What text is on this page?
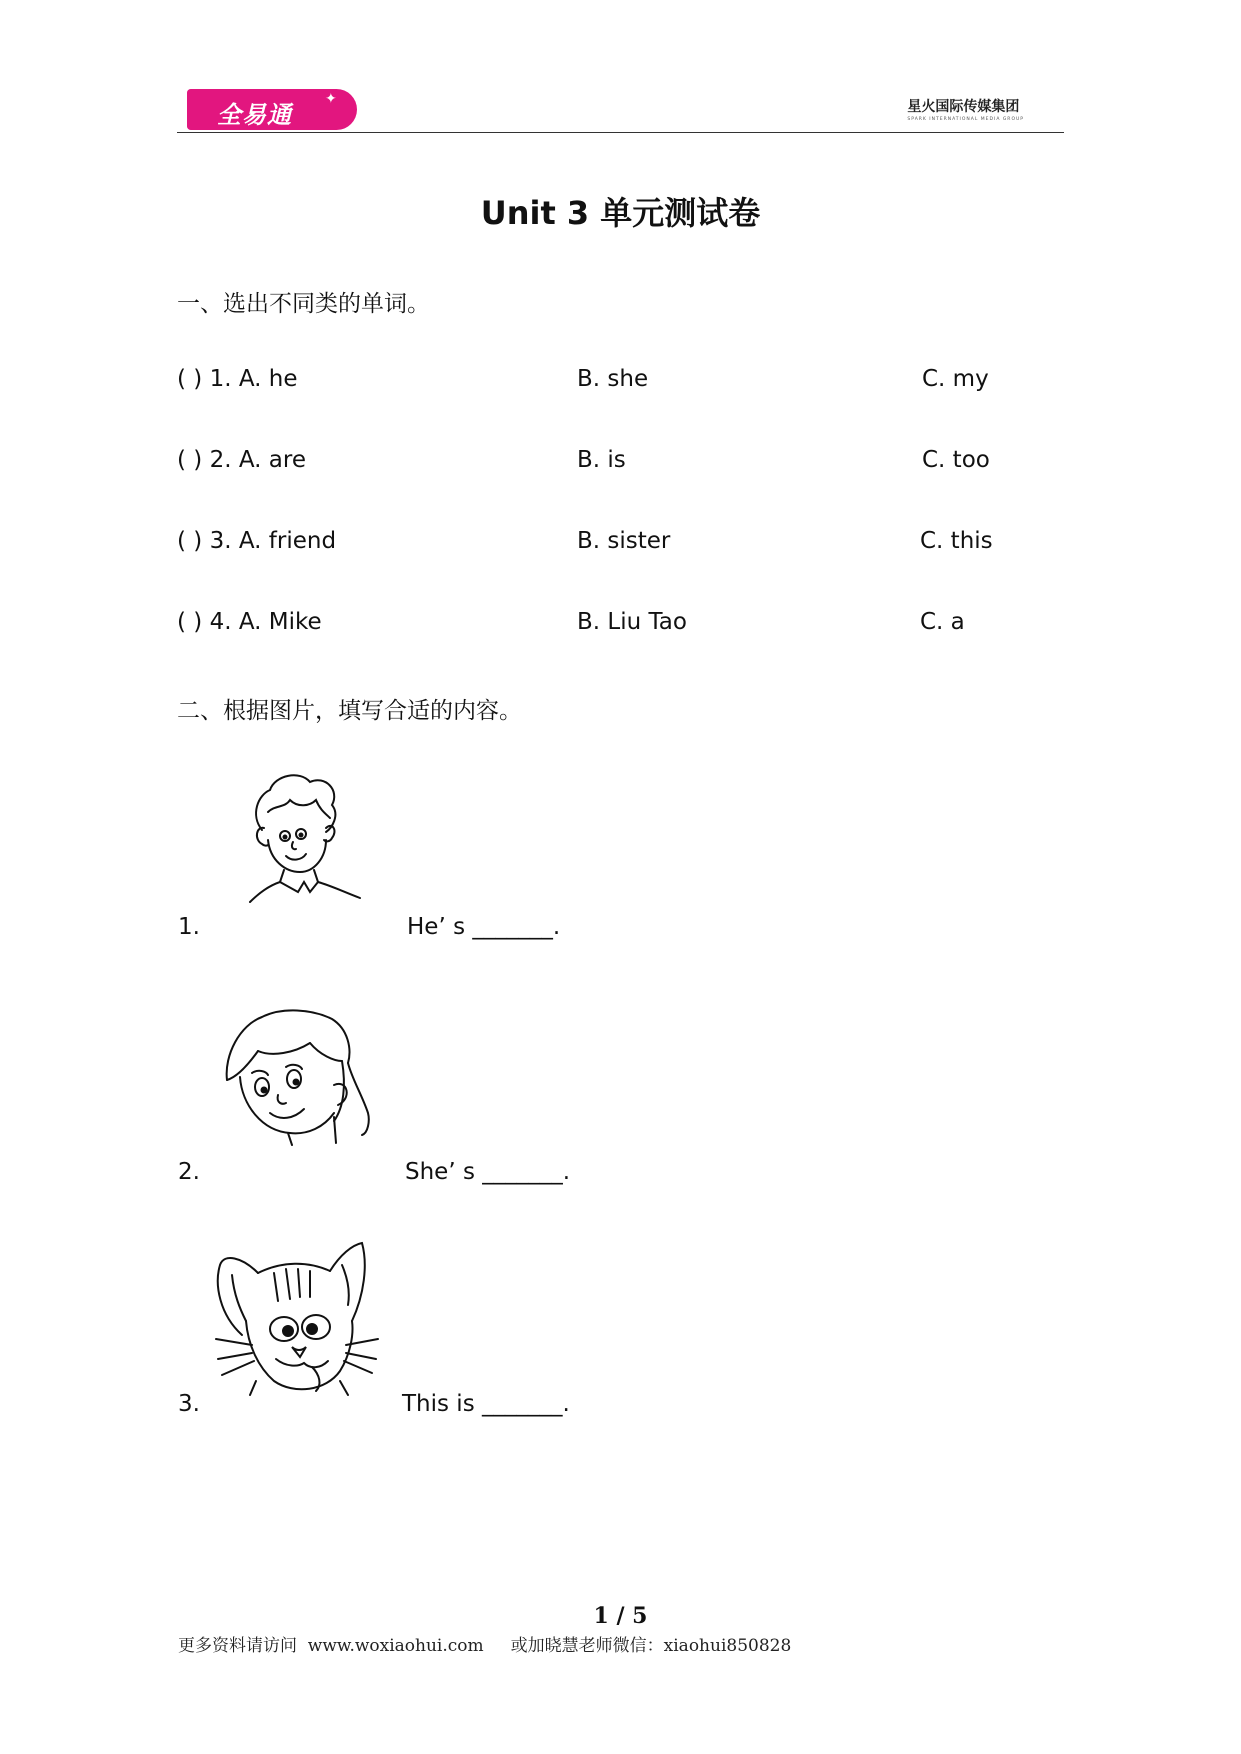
全易通
✦	星火国际传媒集团
SPARK INTERNATIONAL MEDIA GROUP
Unit 3 单元测试卷
一、选出不同类的单词。
( ) 1. A. he	B. she	C. my
( ) 2. A. are	B. is	C. too
( ) 3. A. friend	B. sister	C. this
( ) 4. A. Mike	B. Liu Tao	C. a
二、根据图片，填写合适的内容。
1.	He’ s _______.
2.	She’ s _______.
3.	This is _______.
1 / 5
更多资料请访问  www.woxiaohui.com     或加晓慧老师微信：xiaohui850828
